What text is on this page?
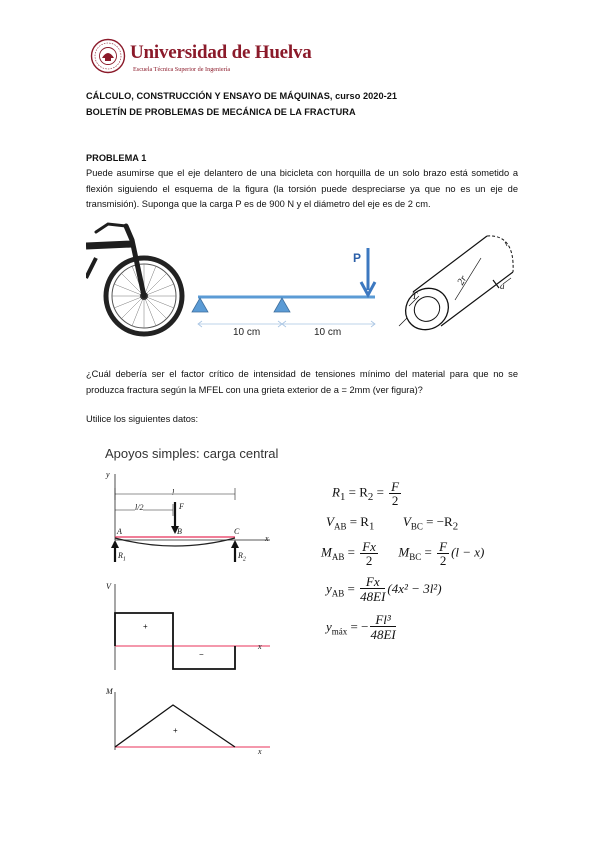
Universidad de Huelva
Escuela Técnica Superior de Ingeniería
CÁLCULO, CONSTRUCCIÓN Y ENSAYO DE MÁQUINAS, curso 2020-21
BOLETÍN DE PROBLEMAS DE MECÁNICA DE LA FRACTURA
PROBLEMA 1
Puede asumirse que el eje delantero de una bicicleta con horquilla de un solo brazo está sometido a flexión siguiendo el esquema de la figura (la torsión puede despreciarse ya que no es un eje de transmisión). Suponga que la carga P es de 900 N y el diámetro del eje es de 2 cm.
P
10 cm	10 cm
2r
T
a
¿Cuál debería ser el factor crítico de intensidad de tensiones mínimo del material para que no se produzca fractura según la MFEL con una grieta exterior de a = 2mm (ver figura)?
Utilice los siguientes datos:
Apoyos simples: carga central
y
x
l/2
l
F
A	B	C
$R_1$	$R_2$
V
+
−
x
M
+
x
$R_1 = R_2 = \frac{F}{2}$
$V_{AB} = R_1$ $V_{BC} = -R_2$
$M_{AB} = \frac{Fx}{2} M_{BC} = \frac{F}{2} (l - x)$
$y_{AB} = \frac{Fx}{48EI} (4x^2 - 3l^2)$
$y_{máx}$ = − $\frac{\text{Fl³}}{48EI}$
